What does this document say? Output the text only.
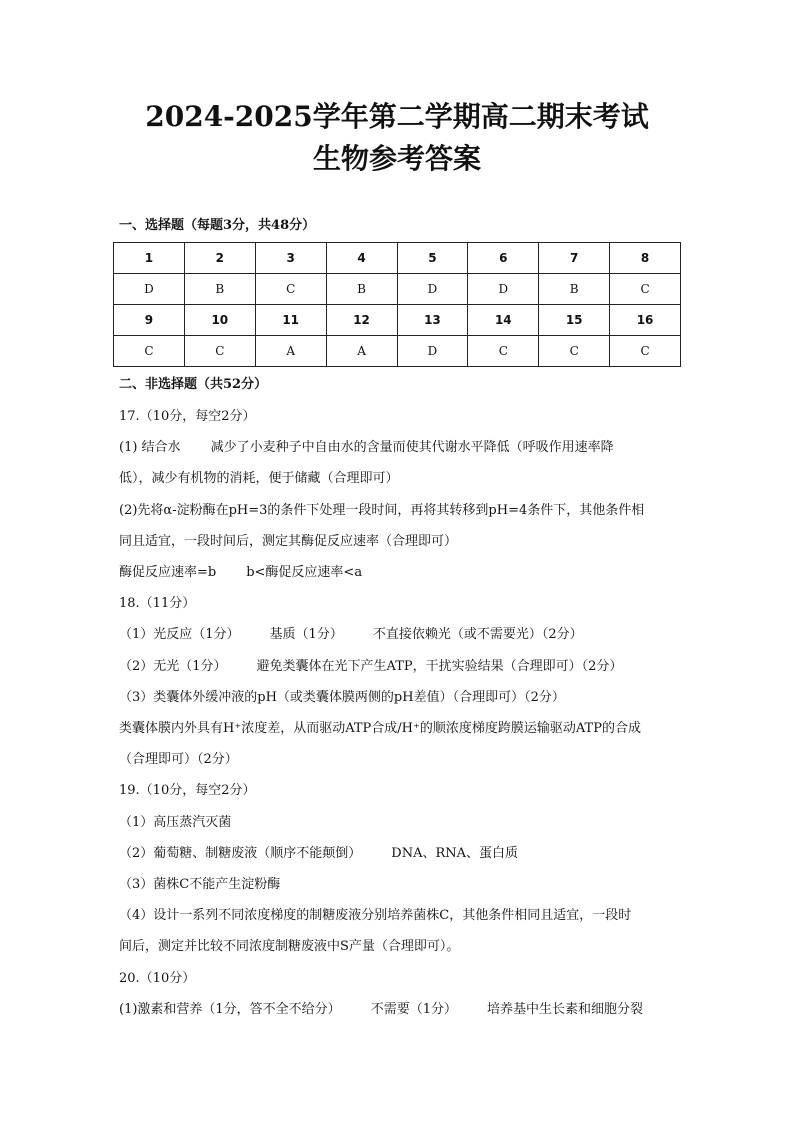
2024-2025学年第二学期高二期末考试
生物参考答案
一、选择题（每题3分，共48分）
1	2	3	4	5	6	7	8
D	B	C	B	D	D	B	C
9	10	11	12	13	14	15	16
C	C	A	A	D	C	C	C
二、非选择题（共52分）
17.（10分，每空2分）
(1) 结合水 减少了小麦种子中自由水的含量而使其代谢水平降低（呼吸作用速率降
低），减少有机物的消耗，便于储藏（合理即可）
(2)先将α-淀粉酶在pH=3的条件下处理一段时间，再将其转移到pH=4条件下，其他条件相
同且适宜，一段时间后，测定其酶促反应速率（合理即可）
酶促反应速率=b b<酶促反应速率<a
18.（11分）
（1）光反应（1分） 基质（1分） 不直接依赖光（或不需要光）（2分）
（2）无光（1分） 避免类囊体在光下产生ATP，干扰实验结果（合理即可）（2分）
（3）类囊体外缓冲液的pH（或类囊体膜两侧的pH差值）（合理即可）（2分）
类囊体膜内外具有H⁺浓度差，从而驱动ATP合成/H⁺的顺浓度梯度跨膜运输驱动ATP的合成
（合理即可）（2分）
19.（10分，每空2分）
（1）高压蒸汽灭菌
（2）葡萄糖、制糖废液（顺序不能颠倒） DNA、RNA、蛋白质
（3）菌株C不能产生淀粉酶
（4）设计一系列不同浓度梯度的制糖废液分别培养菌株C，其他条件相同且适宜，一段时
间后，测定并比较不同浓度制糖废液中S产量（合理即可）。
20.（10分）
(1)激素和营养（1分，答不全不给分） 不需要（1分） 培养基中生长素和细胞分裂
